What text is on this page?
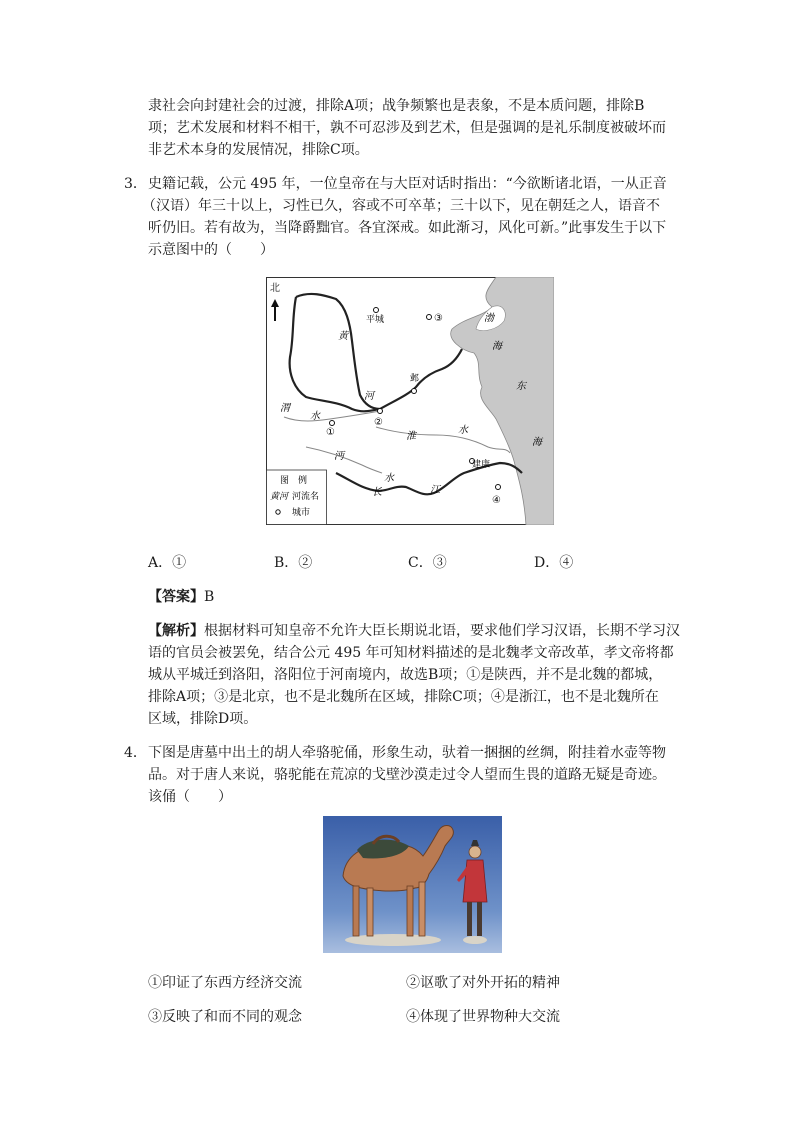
隶社会向封建社会的过渡，排除A项；战争频繁也是表象，不是本质问题，排除B
项；艺术发展和材料不相干，孰不可忍涉及到艺术，但是强调的是礼乐制度被破坏而
非艺术本身的发展情况，排除C项。
3． 史籍记载，公元 495 年，一位皇帝在与大臣对话时指出：“今欲断诸北语，一从正音
（汉语）年三十以上，习性已久，容或不可卒革；三十以下，见在朝廷之人，语音不
听仍旧。若有故为，当降爵黜官。各宜深戒。如此渐习，风化可新。”此事发生于以下
示意图中的（　　）
北
黄
平城	③	渤
海
邺
河
东
海
渭
水
①
②
淮
水
沔
水
长	江
建康
④
图　例
黄河 河流名
城市
A．①	B．②	C．③	D．④
【答案】B
【解析】根据材料可知皇帝不允许大臣长期说北语，要求他们学习汉语，长期不学习汉
语的官员会被罢免，结合公元 495 年可知材料描述的是北魏孝文帝改革，孝文帝将都
城从平城迁到洛阳，洛阳位于河南境内，故选B项；①是陕西，并不是北魏的都城，
排除A项；③是北京，也不是北魏所在区域，排除C项；④是浙江，也不是北魏所在
区域，排除D项。
4． 下图是唐墓中出土的胡人牵骆驼俑，形象生动，驮着一捆捆的丝绸，附挂着水壶等物
品。对于唐人来说，骆驼能在荒凉的戈壁沙漠走过令人望而生畏的道路无疑是奇迹。
该俑（　　）
①印证了东西方经济交流	②讴歌了对外开拓的精神
③反映了和而不同的观念	④体现了世界物种大交流
